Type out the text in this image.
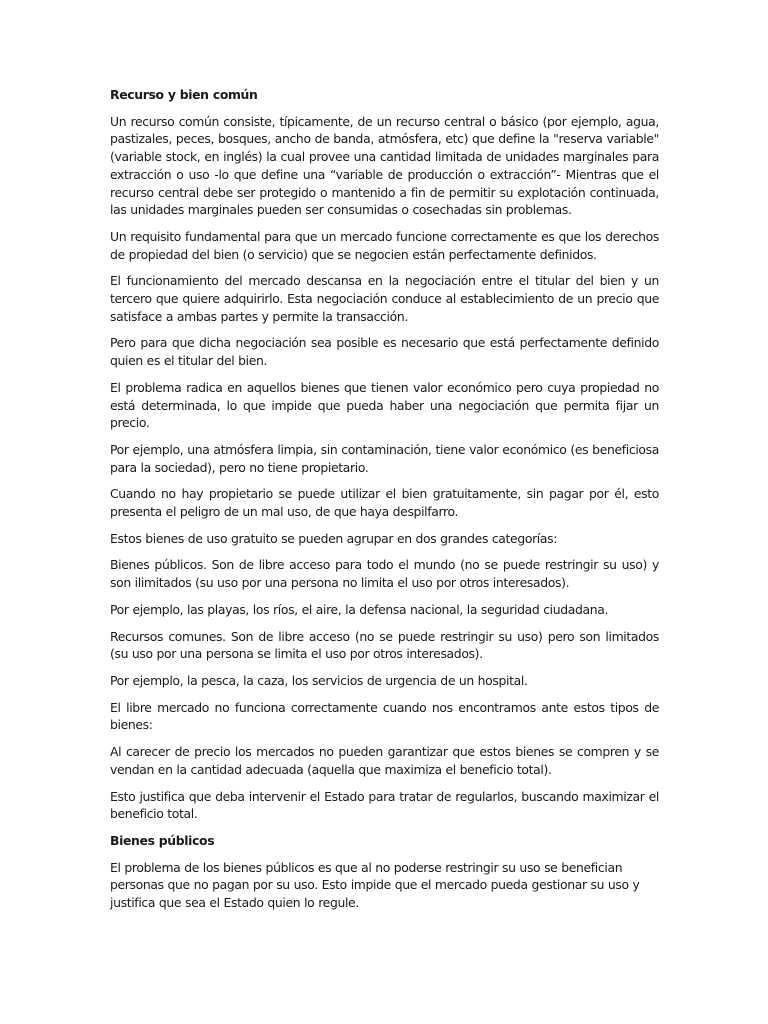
Recurso y bien común

Un recurso común consiste, típicamente, de un recurso central o básico (por ejemplo, agua, pastizales, peces, bosques, ancho de banda, atmósfera, etc) que define la "reserva variable" (variable stock, en inglés) la cual provee una cantidad limitada de unidades marginales para extracción o uso -lo que define una “variable de producción o extracción”- Mientras que el recurso central debe ser protegido o mantenido a fin de permitir su explotación continuada, las unidades marginales pueden ser consumidas o cosechadas sin problemas.

Un requisito fundamental para que un mercado funcione correctamente es que los derechos de propiedad del bien (o servicio) que se negocien están perfectamente definidos.

El funcionamiento del mercado descansa en la negociación entre el titular del bien y un tercero que quiere adquirirlo. Esta negociación conduce al establecimiento de un precio que satisface a ambas partes y permite la transacción.

Pero para que dicha negociación sea posible es necesario que está perfectamente definido quien es el titular del bien.

El problema radica en aquellos bienes que tienen valor económico pero cuya propiedad no está determinada, lo que impide que pueda haber una negociación que permita fijar un precio.

Por ejemplo, una atmósfera limpia, sin contaminación, tiene valor económico (es beneficiosa para la sociedad), pero no tiene propietario.

Cuando no hay propietario se puede utilizar el bien gratuitamente, sin pagar por él, esto presenta el peligro de un mal uso, de que haya despilfarro.

Estos bienes de uso gratuito se pueden agrupar en dos grandes categorías:

Bienes públicos. Son de libre acceso para todo el mundo (no se puede restringir su uso) y son ilimitados (su uso por una persona no limita el uso por otros interesados).

Por ejemplo, las playas, los ríos, el aire, la defensa nacional, la seguridad ciudadana.

Recursos comunes. Son de libre acceso (no se puede restringir su uso) pero son limitados (su uso por una persona se limita el uso por otros interesados).

Por ejemplo, la pesca, la caza, los servicios de urgencia de un hospital.

El libre mercado no funciona correctamente cuando nos encontramos ante estos tipos de bienes:

Al carecer de precio los mercados no pueden garantizar que estos bienes se compren y se vendan en la cantidad adecuada (aquella que maximiza el beneficio total).

Esto justifica que deba intervenir el Estado para tratar de regularlos, buscando maximizar el beneficio total.

Bienes públicos

El problema de los bienes públicos es que al no poderse restringir su uso se benefician personas que no pagan por su uso. Esto impide que el mercado pueda gestionar su uso y justifica que sea el Estado quien lo regule.
